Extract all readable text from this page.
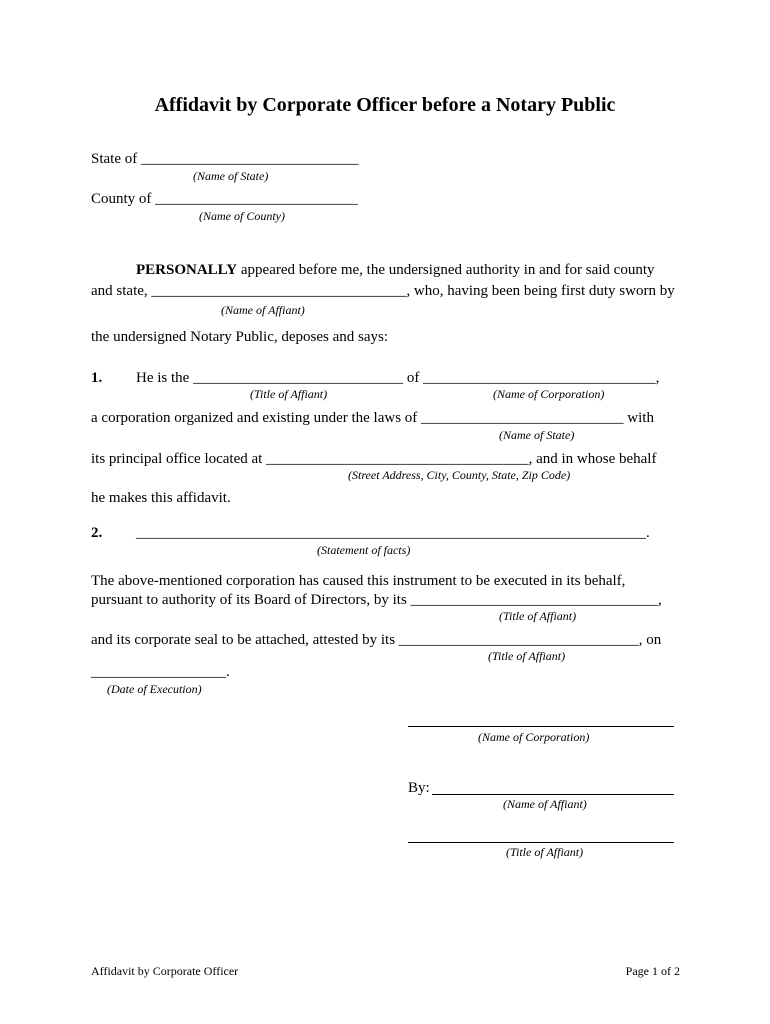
Affidavit by Corporate Officer before a Notary Public
State of _____________________________
(Name of State)
County of ___________________________
(Name of County)
PERSONALLY appeared before me, the undersigned authority in and for said county
and state, __________________________________, who, having been being first duty sworn by
(Name of Affiant)
the undersigned Notary Public, deposes and says:
1. He is the ____________________________ of _______________________________,
(Title of Affiant)	(Name of Corporation)
a corporation organized and existing under the laws of ___________________________ with
(Name of State)
its principal office located at ___________________________________, and in whose behalf
(Street Address, City, County, State, Zip Code)
he makes this affidavit.
2. ____________________________________________________________________.
(Statement of facts)
The above-mentioned corporation has caused this instrument to be executed in its behalf,
pursuant to authority of its Board of Directors, by its _________________________________,
(Title of Affiant)
and its corporate seal to be attached, attested by its ________________________________, on
(Title of Affiant)
__________________.
(Date of Execution)
(Name of Corporation)
By:
(Name of Affiant)
(Title of Affiant)
Affidavit by Corporate Officer	Page 1 of 2
